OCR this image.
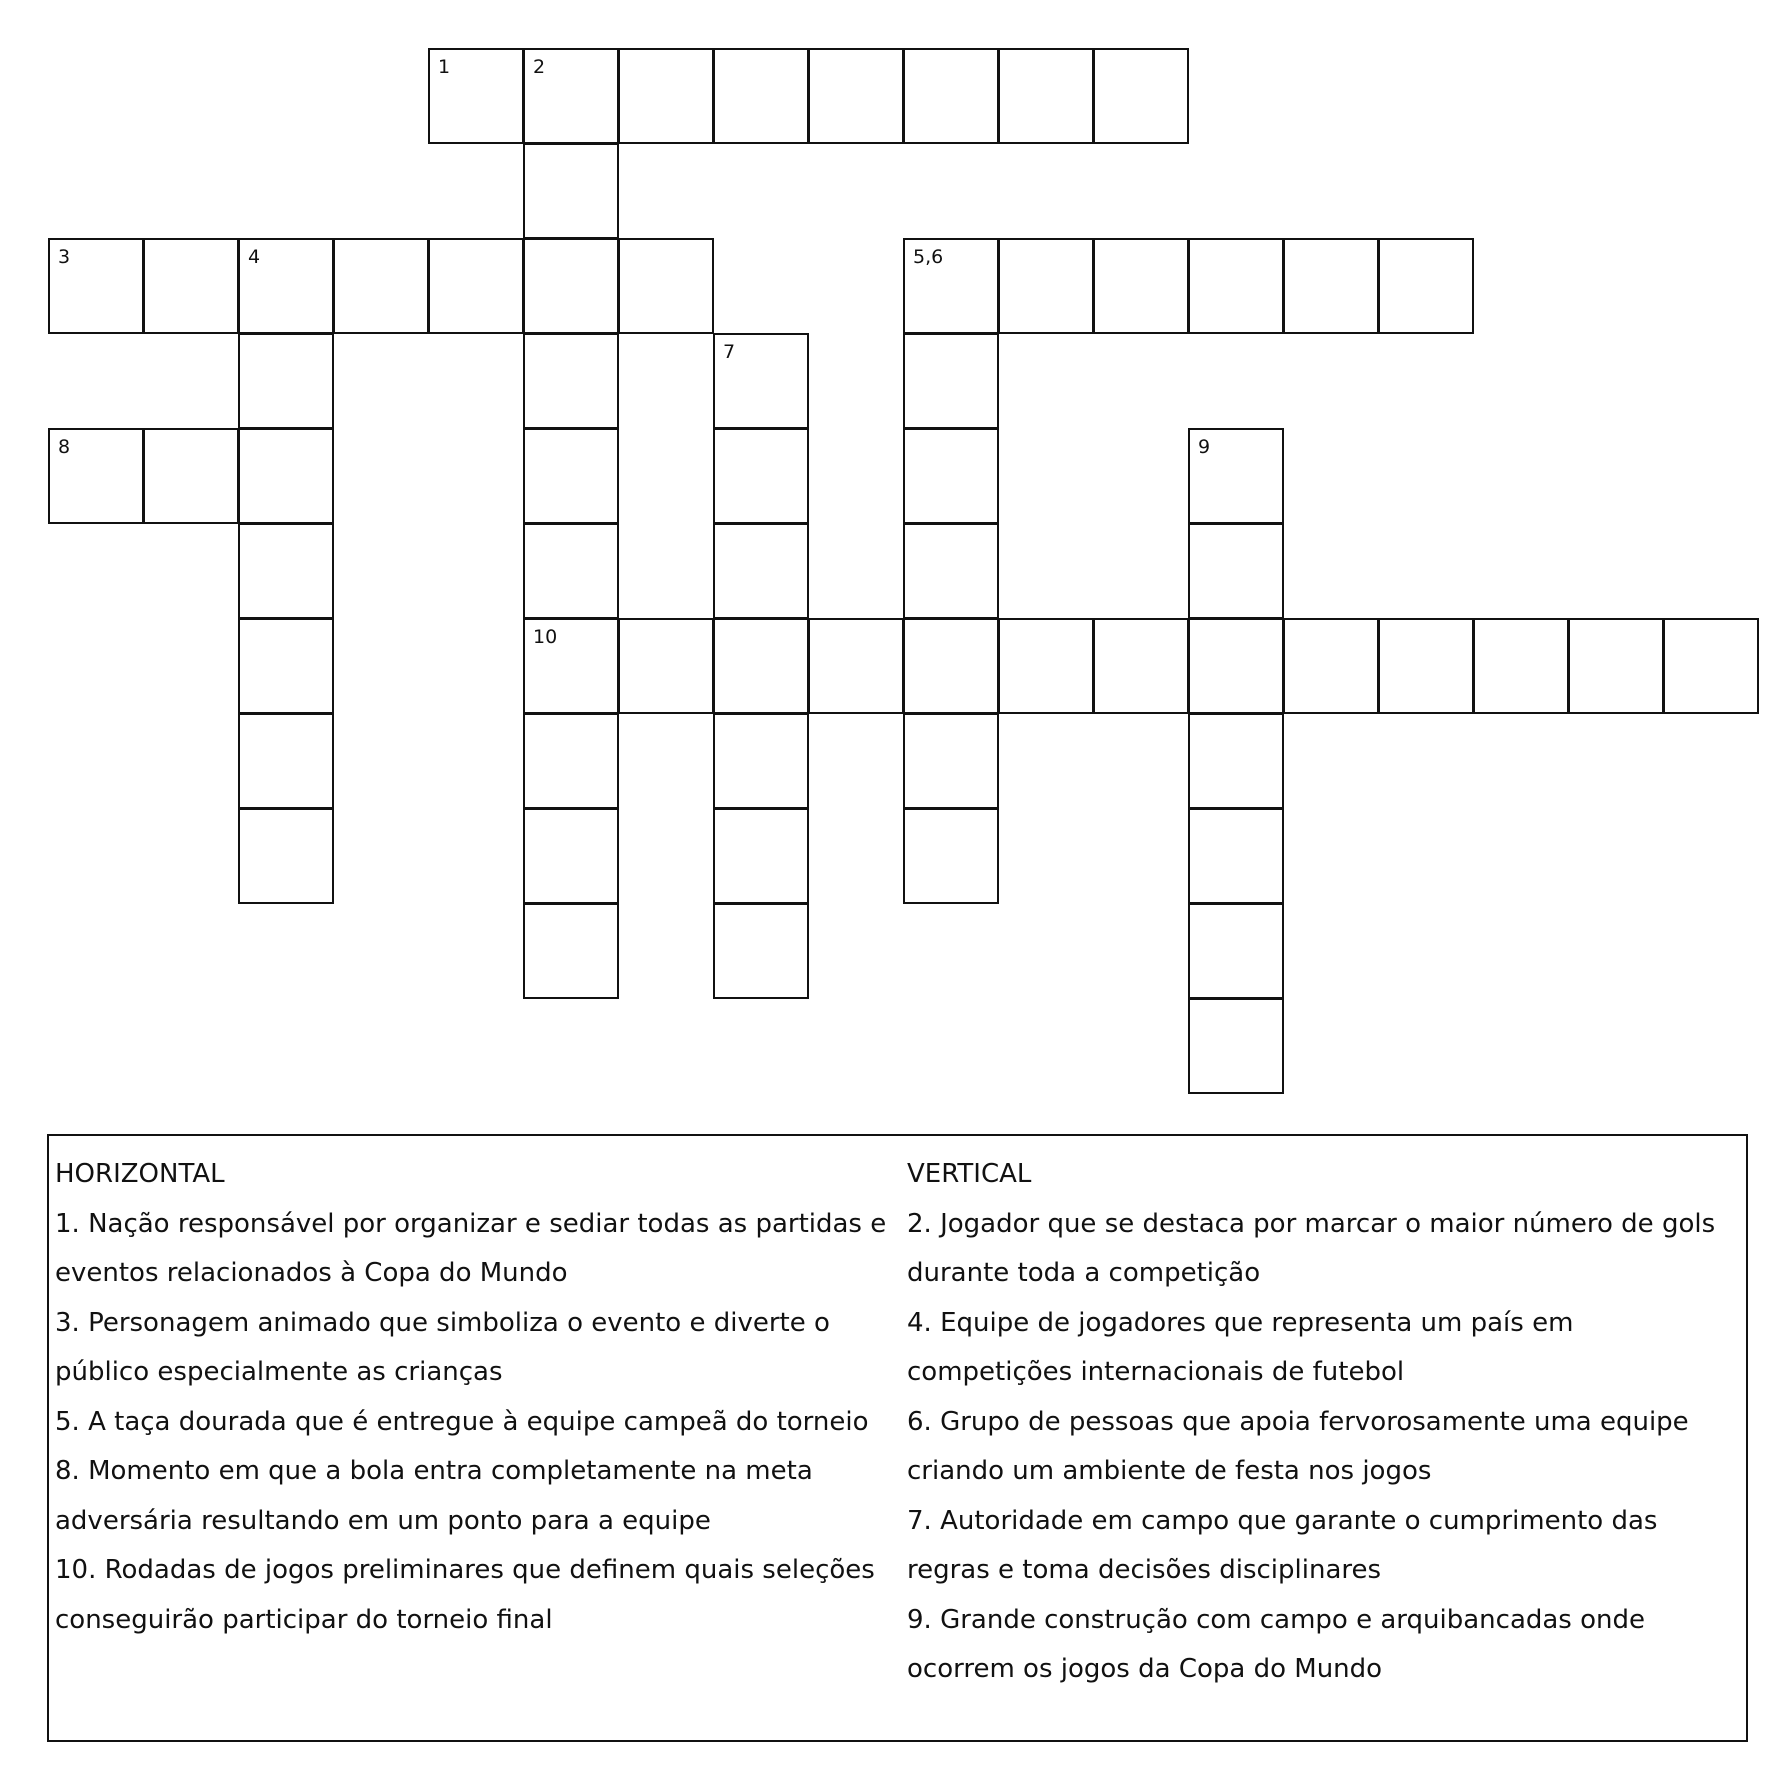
1	2
10
3	4	5,6
7
8	9

HORIZONTAL

1. Nação responsável por organizar e sediar todas as partidas e eventos relacionados à Copa do Mundo

3. Personagem animado que simboliza o evento e diverte o público especialmente as crianças

5. A taça dourada que é entregue à equipe campeã do torneio

8. Momento em que a bola entra completamente na meta adversária resultando em um ponto para a equipe

10. Rodadas de jogos preliminares que definem quais seleções conseguirão participar do torneio final

VERTICAL

2. Jogador que se destaca por marcar o maior número de gols durante toda a competição

4. Equipe de jogadores que representa um país em competições internacionais de futebol

6. Grupo de pessoas que apoia fervorosamente uma equipe criando um ambiente de festa nos jogos

7. Autoridade em campo que garante o cumprimento das regras e toma decisões disciplinares

9. Grande construção com campo e arquibancadas onde ocorrem os jogos da Copa do Mundo
